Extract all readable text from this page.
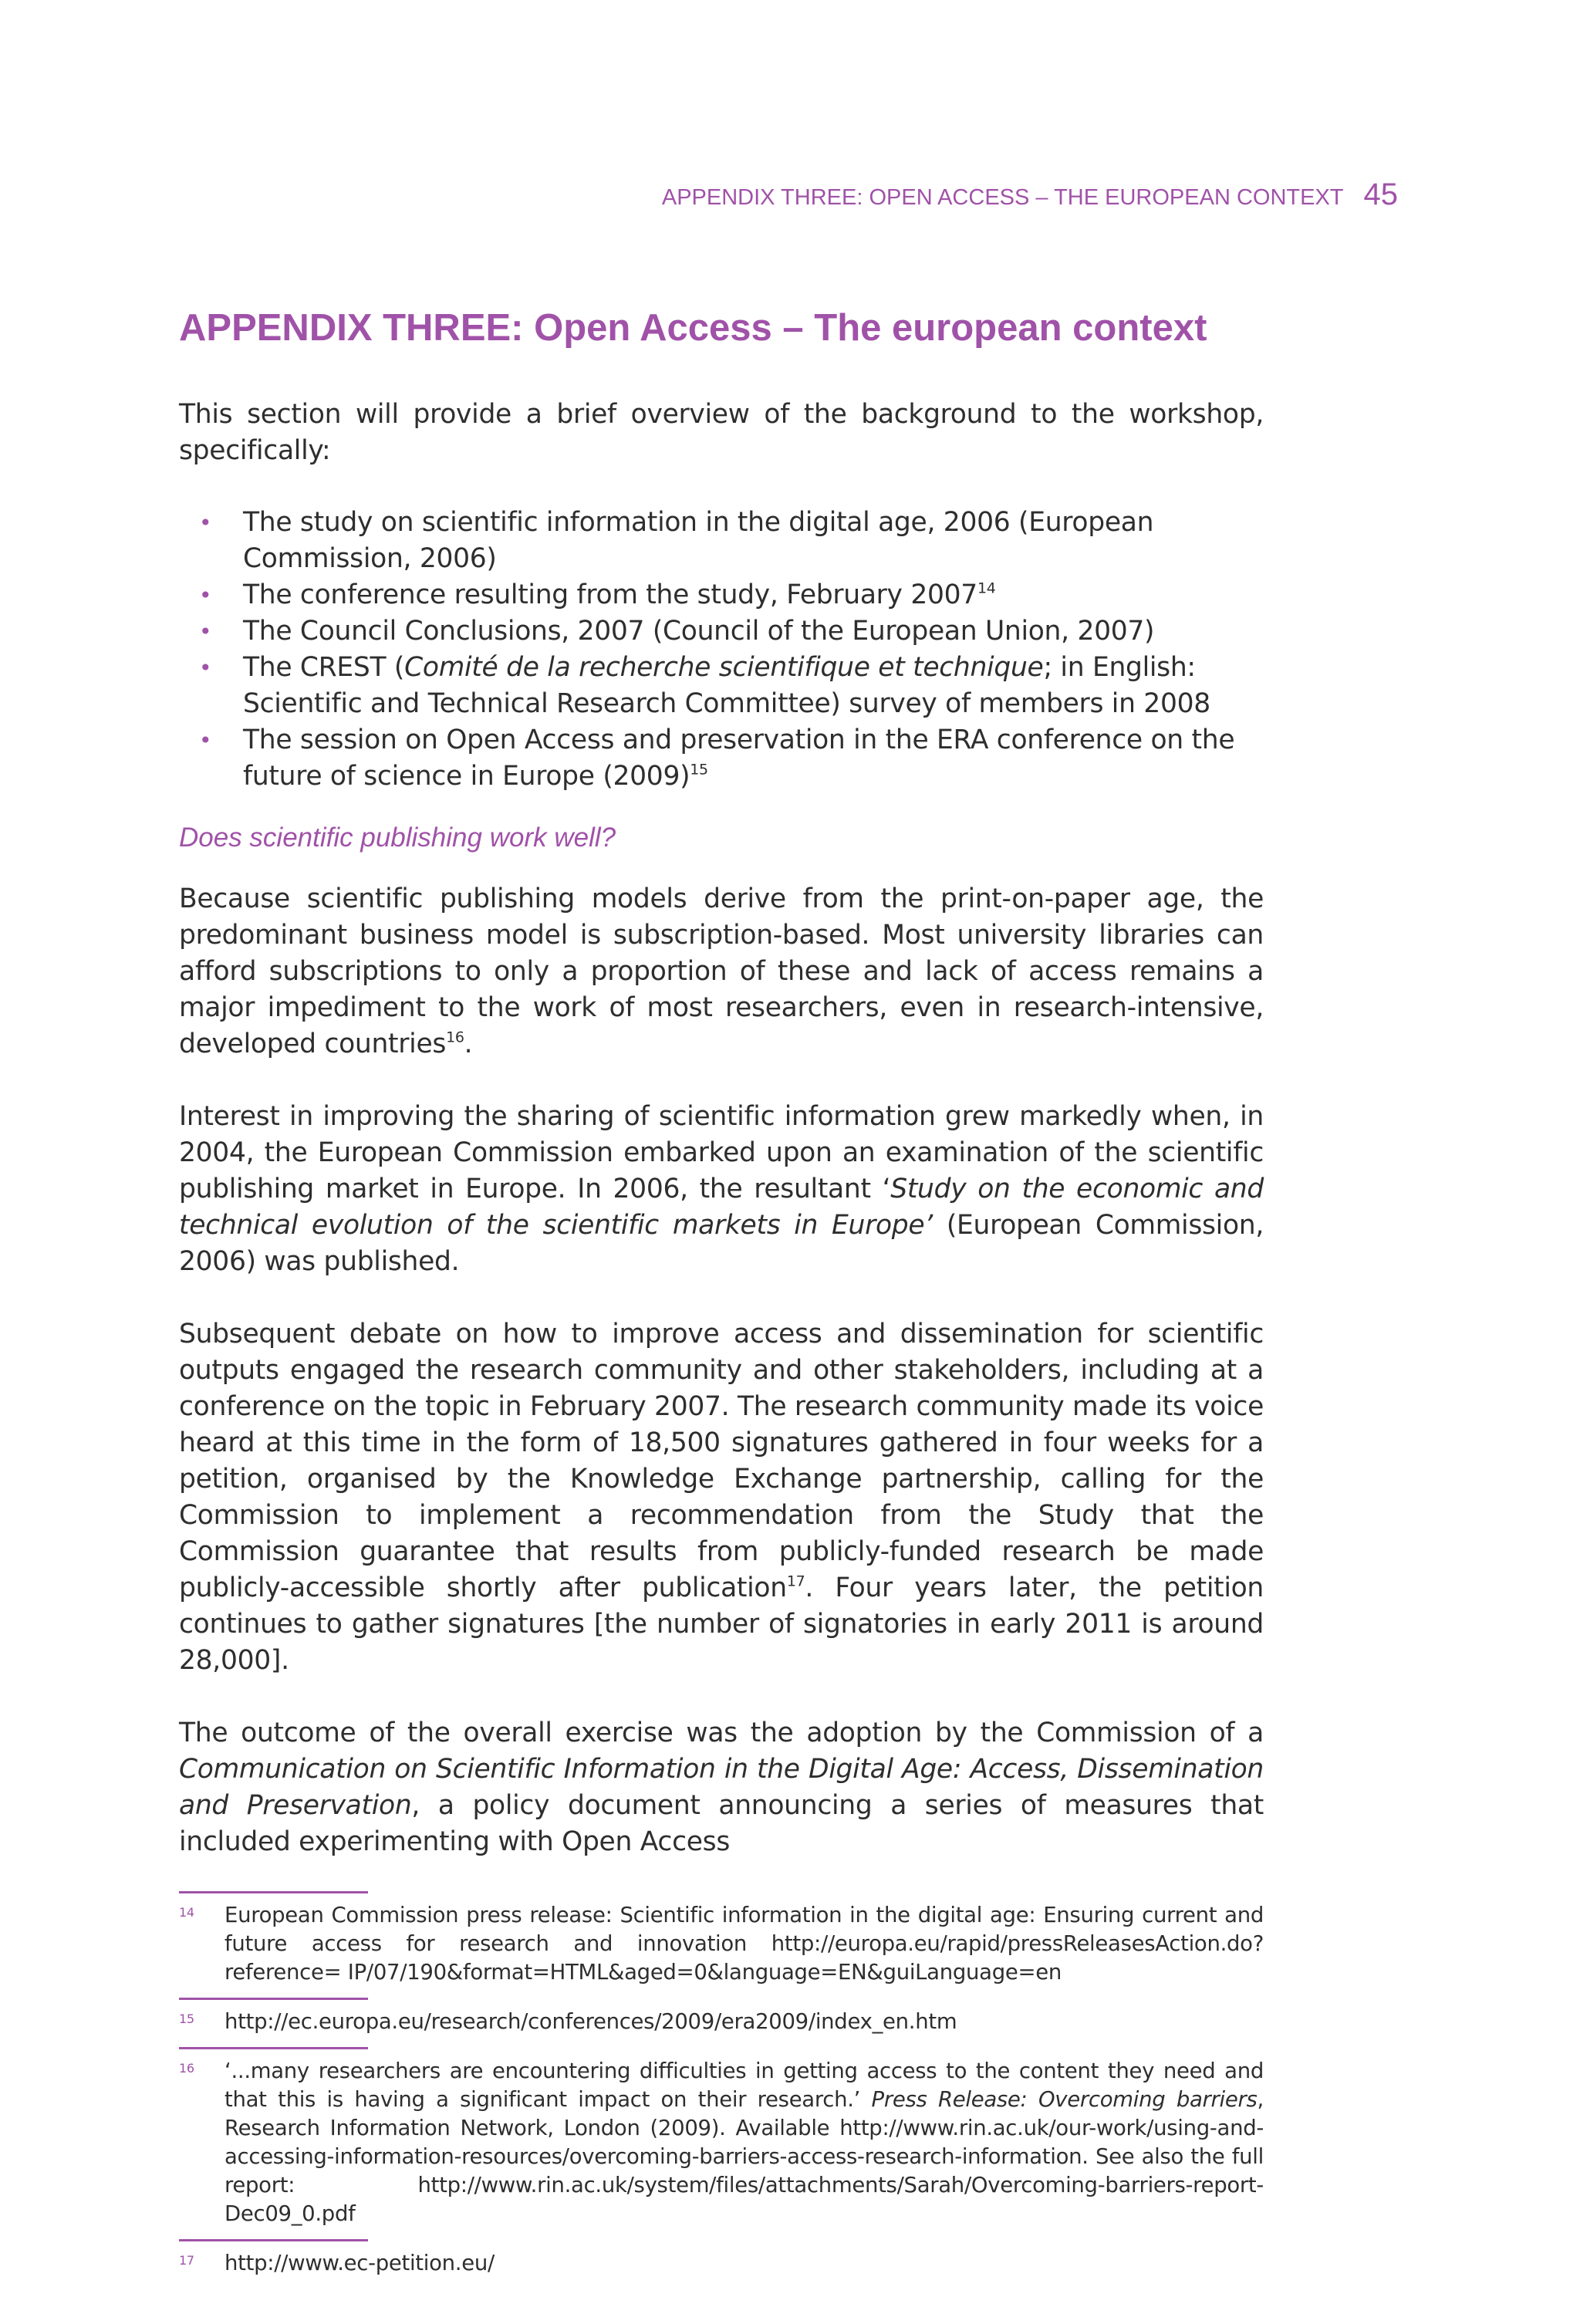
APPENDIX THREE: OPEN ACCESS – THE EUROPEAN CONTEXT 45
APPENDIX THREE: Open Access – The european context

This section will provide a brief overview of the background to the workshop, specifically:

• The study on scientific information in the digital age, 2006 (European Commission, 2006)
• The conference resulting from the study, February 2007$^{14}$
• The Council Conclusions, 2007 (Council of the European Union, 2007)
• The CREST (Comité de la recherche scientifique et technique; in English: Scientific and Technical Research Committee) survey of members in 2008
• The session on Open Access and preservation in the ERA conference on the future of science in Europe $(2009)^{15}$
Does scientific publishing work well?

Because scientific publishing models derive from the print-on-paper age, the predominant business model is subscription-based. Most university libraries can afford subscriptions to only a proportion of these and lack of access remains a major impediment to the work of most researchers, even in research-intensive, developed countries$^{16}$.

Interest in improving the sharing of scientific information grew markedly when, in 2004, the European Commission embarked upon an examination of the scientific publishing market in Europe. In 2006, the resultant ‘Study on the economic and technical evolution of the scientific markets in Europe’ (European Commission, 2006) was published.

Subsequent debate on how to improve access and dissemination for scientific outputs engaged the research community and other stakeholders, including at a conference on the topic in February 2007. The research community made its voice heard at this time in the form of 18,500 signatures gathered in four weeks for a petition, organised by the Knowledge Exchange partnership, calling for the Commission to implement a recommendation from the Study that the Commission guarantee that results from publicly-funded research be made publicly-accessible shortly after publication$^{17}$. Four years later, the petition continues to gather signatures [the number of signatories in early 2011 is around 28,000].

The outcome of the overall exercise was the adoption by the Commission of a Communication on Scientific Information in the Digital Age: Access, Dissemination and Preservation, a policy document announcing a series of measures that included experimenting with Open Access

14 European Commission press release: Scientific information in the digital age: Ensuring current and future access for research and innovation http://europa.eu/rapid/pressReleasesAction.do?reference= IP/07/190&format=HTML&aged=0&language=EN&guiLanguage=en
15 http://ec.europa.eu/research/conferences/2009/era2009/index_en.htm
16 ‘...many researchers are encountering difficulties in getting access to the content they need and that this is having a significant impact on their research.’ Press Release: Overcoming barriers, Research Information Network, London (2009). Available http://www.rin.ac.uk/our-work/using-and-accessing-information-resources/overcoming-barriers-access-research-information. See also the full report: http://www.rin.ac.uk/system/files/attachments/Sarah/Overcoming-barriers-report-Dec09_0.pdf
17 http://www.ec-petition.eu/
